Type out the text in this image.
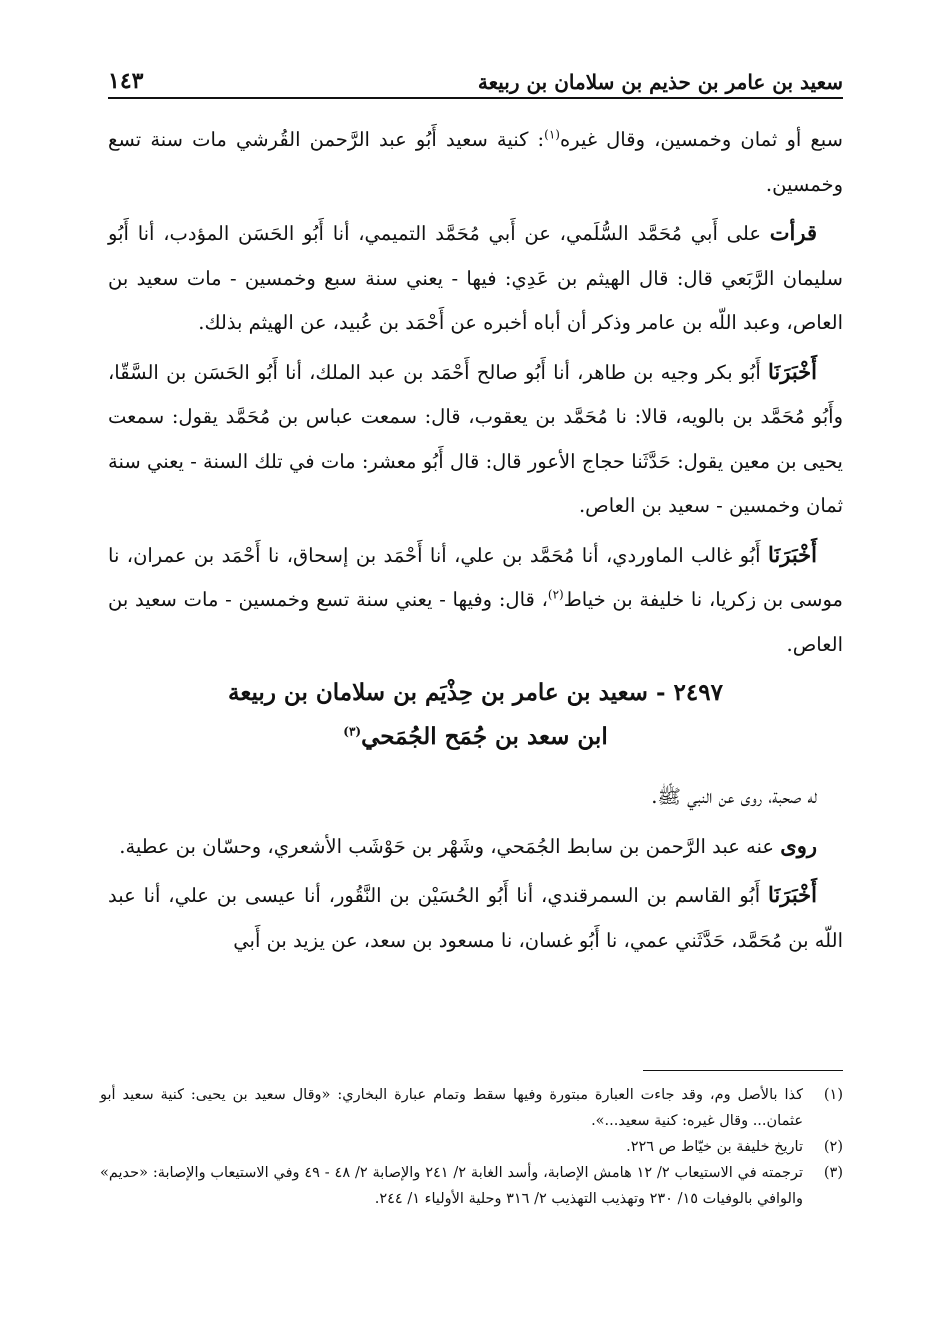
سعيد بن عامر بن حذيم بن سلامان بن ربيعة
١٤٣

سبع أو ثمان وخمسين، وقال غيره$^{(١)}$: كنية سعيد أَبُو عبد الرَّحمن القُرشي مات سنة تسع وخمسين.

قرأت على أَبي مُحَمَّد السُّلَمي، عن أَبي مُحَمَّد التميمي، أنا أَبُو الحَسَن المؤدب، أنا أَبُو سليمان الرَّبَعي قال: قال الهيثم بن عَدِي: فيها - يعني سنة سبع وخمسين - مات سعيد بن العاص، وعبد اللّه بن عامر وذكر أن أباه أخبره عن أَحْمَد بن عُبيد، عن الهيثم بذلك.

أَخْبَرَنَا أَبُو بكر وجيه بن طاهر، أنا أَبُو صالح أَحْمَد بن عبد الملك، أنا أَبُو الحَسَن بن السَّقّا، وأَبُو مُحَمَّد بن بالويه، قالا: نا مُحَمَّد بن يعقوب، قال: سمعت عباس بن مُحَمَّد يقول: سمعت يحيى بن معين يقول: حَدَّثَنا حجاج الأعور قال: قال أَبُو معشر: مات في تلك السنة - يعني سنة ثمان وخمسين - سعيد بن العاص.

أَخْبَرَنَا أَبُو غالب الماوردي، أنا مُحَمَّد بن علي، أنا أَحْمَد بن إسحاق، نا أَحْمَد بن عمران، نا موسى بن زكريا، نا خليفة بن خياط$^{(٢)}$، قال: وفيها - يعني سنة تسع وخمسين - مات سعيد بن العاص.

٢٤٩٧ - سعيد بن عامر بن حِذْيَم بن سلامان بن ربيعة
ابن سعد بن جُمَح الجُمَحي$^{(٣)}$

له صحبة، روى عن النبي ﷺ.

روى عنه عبد الرَّحمن بن سابط الجُمَحي، وشَهْر بن حَوْشَب الأشعري، وحسّان بن عطية.

أَخْبَرَنَا أَبُو القاسم بن السمرقندي، أنا أَبُو الحُسَيْن بن النَّقُور، أنا عيسى بن علي، أنا عبد اللّه بن مُحَمَّد، حَدَّثَني عمي، نا أَبُو غسان، نا مسعود بن سعد، عن يزيد بن أَبي

(١)
كذا بالأصل وم، وقد جاءت العبارة مبتورة وفيها سقط وتمام عبارة البخاري: «وقال سعيد بن يحيى: كنية سعيد أبو عثمان... وقال غيره: كنية سعيد...».

(٢)
تاريخ خليفة بن خيّاط ص ٢٢٦.

(٣)
ترجمته في الاستيعاب ٢/ ١٢ هامش الإصابة، وأسد الغابة ٢/ ٢٤١ والإصابة ٢/ ٤٨ - ٤٩ وفي الاستيعاب والإصابة: «حديم» والوافي بالوفيات ١٥/ ٢٣٠ وتهذيب التهذيب ٢/ ٣١٦ وحلية الأولياء ١/ ٢٤٤.
